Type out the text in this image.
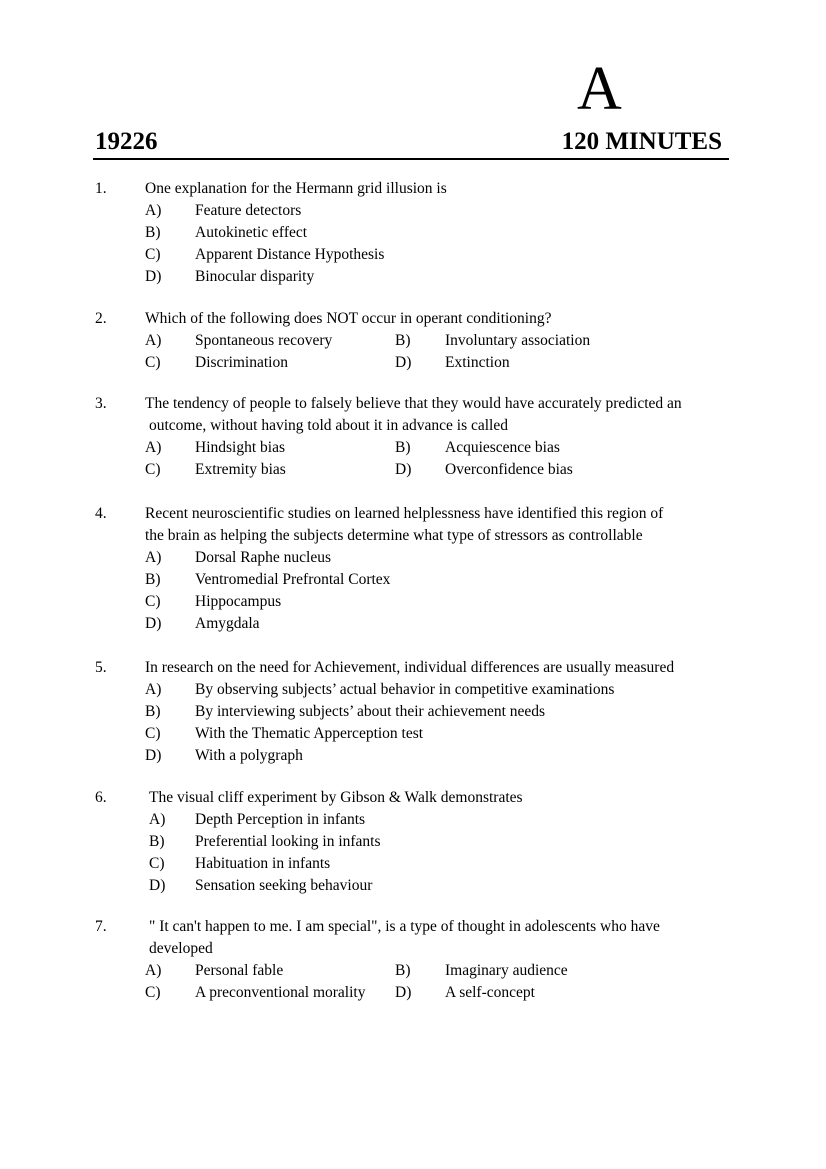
A
19226	120 MINUTES
1. One explanation for the Hermann grid illusion is
A) Feature detectors
B) Autokinetic effect
C) Apparent Distance Hypothesis
D) Binocular disparity
2. Which of the following does NOT occur in operant conditioning?
A) Spontaneous recovery	B) Involuntary association
C) Discrimination	D) Extinction
3. The tendency of people to falsely believe that they would have accurately predicted an
outcome, without having told about it in advance is called
A) Hindsight bias	B) Acquiescence bias
C) Extremity bias	D) Overconfidence bias
4. Recent neuroscientific studies on learned helplessness have identified this region of
the brain as helping the subjects determine what type of stressors as controllable
A) Dorsal Raphe nucleus
B) Ventromedial Prefrontal Cortex
C) Hippocampus
D) Amygdala
5. In research on the need for Achievement, individual differences are usually measured
A) By observing subjects’ actual behavior in competitive examinations
B) By interviewing subjects’ about their achievement needs
C) With the Thematic Apperception test
D) With a polygraph
6.	The visual cliff experiment by Gibson & Walk demonstrates
A) Depth Perception in infants
B) Preferential looking in infants
C) Habituation in infants
D) Sensation seeking behaviour
7.	" It can't happen to me. I am special", is a type of thought in adolescents who have
developed
A) Personal fable	B) Imaginary audience
C) A preconventional morality D) A self-concept
